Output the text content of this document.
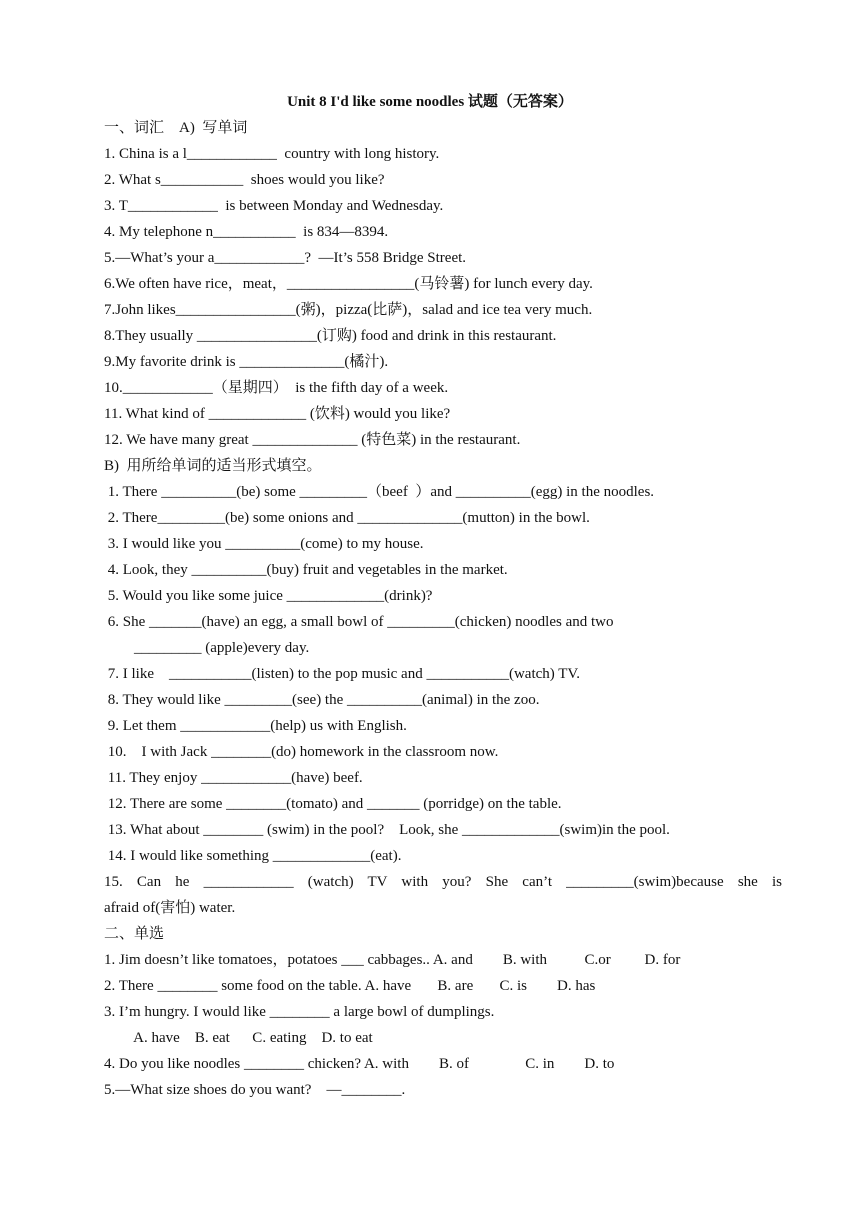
Unit 8 I'd like some noodles 试题（无答案）
一、词汇　A)  写单词
1. China is a l____________  country with long history.
2. What s___________  shoes would you like?
3. T____________  is between Monday and Wednesday.
4. My telephone n___________  is 834—8394.
5.—What’s your a____________?  —It’s 558 Bridge Street.
6.We often have rice，meat，_________________(马铃薯) for lunch every day.
7.John likes________________(粥)，pizza(比萨)，salad and ice tea very much.
8.They usually ________________(订购) food and drink in this restaurant.
9.My favorite drink is ______________(橘汁).
10.____________（星期四）  is the fifth day of a week.
11. What kind of _____________ (饮料) would you like?
12. We have many great ______________ (特色菜) in the restaurant.
B)  用所给单词的适当形式填空。
1. There __________(be) some _________（beef  ）and __________(egg) in the noodles.
2. There_________(be) some onions and ______________(mutton) in the bowl.
3. I would like you __________(come) to my house.
4. Look, they __________(buy) fruit and vegetables in the market.
5. Would you like some juice _____________(drink)?
6. She _______(have) an egg, a small bowl of _________(chicken) noodles and two
_________ (apple)every day.
7. I like    ___________(listen) to the pop music and ___________(watch) TV.
8. They would like _________(see) the __________(animal) in the zoo.
9. Let them ____________(help) us with English.
10.    I with Jack ________(do) homework in the classroom now.
11. They enjoy ____________(have) beef.
12. There are some ________(tomato) and _______ (porridge) on the table.
13. What about ________ (swim) in the pool?    Look, she _____________(swim)in the pool.
14. I would like something _____________(eat).
15. Can he ____________ (watch) TV with you? She can’t _________(swim)because she is
afraid of(害怕) water.
二、单选
1. Jim doesn’t like tomatoes，potatoes ___ cabbages.. A. and        B. with          C.or         D. for
2. There ________ some food on the table. A. have       B. are       C. is        D. has
3. I’m hungry. I would like ________ a large bowl of dumplings.
A. have    B. eat      C. eating    D. to eat
4. Do you like noodles ________ chicken? A. with        B. of               C. in        D. to
5.—What size shoes do you want?    —________.
